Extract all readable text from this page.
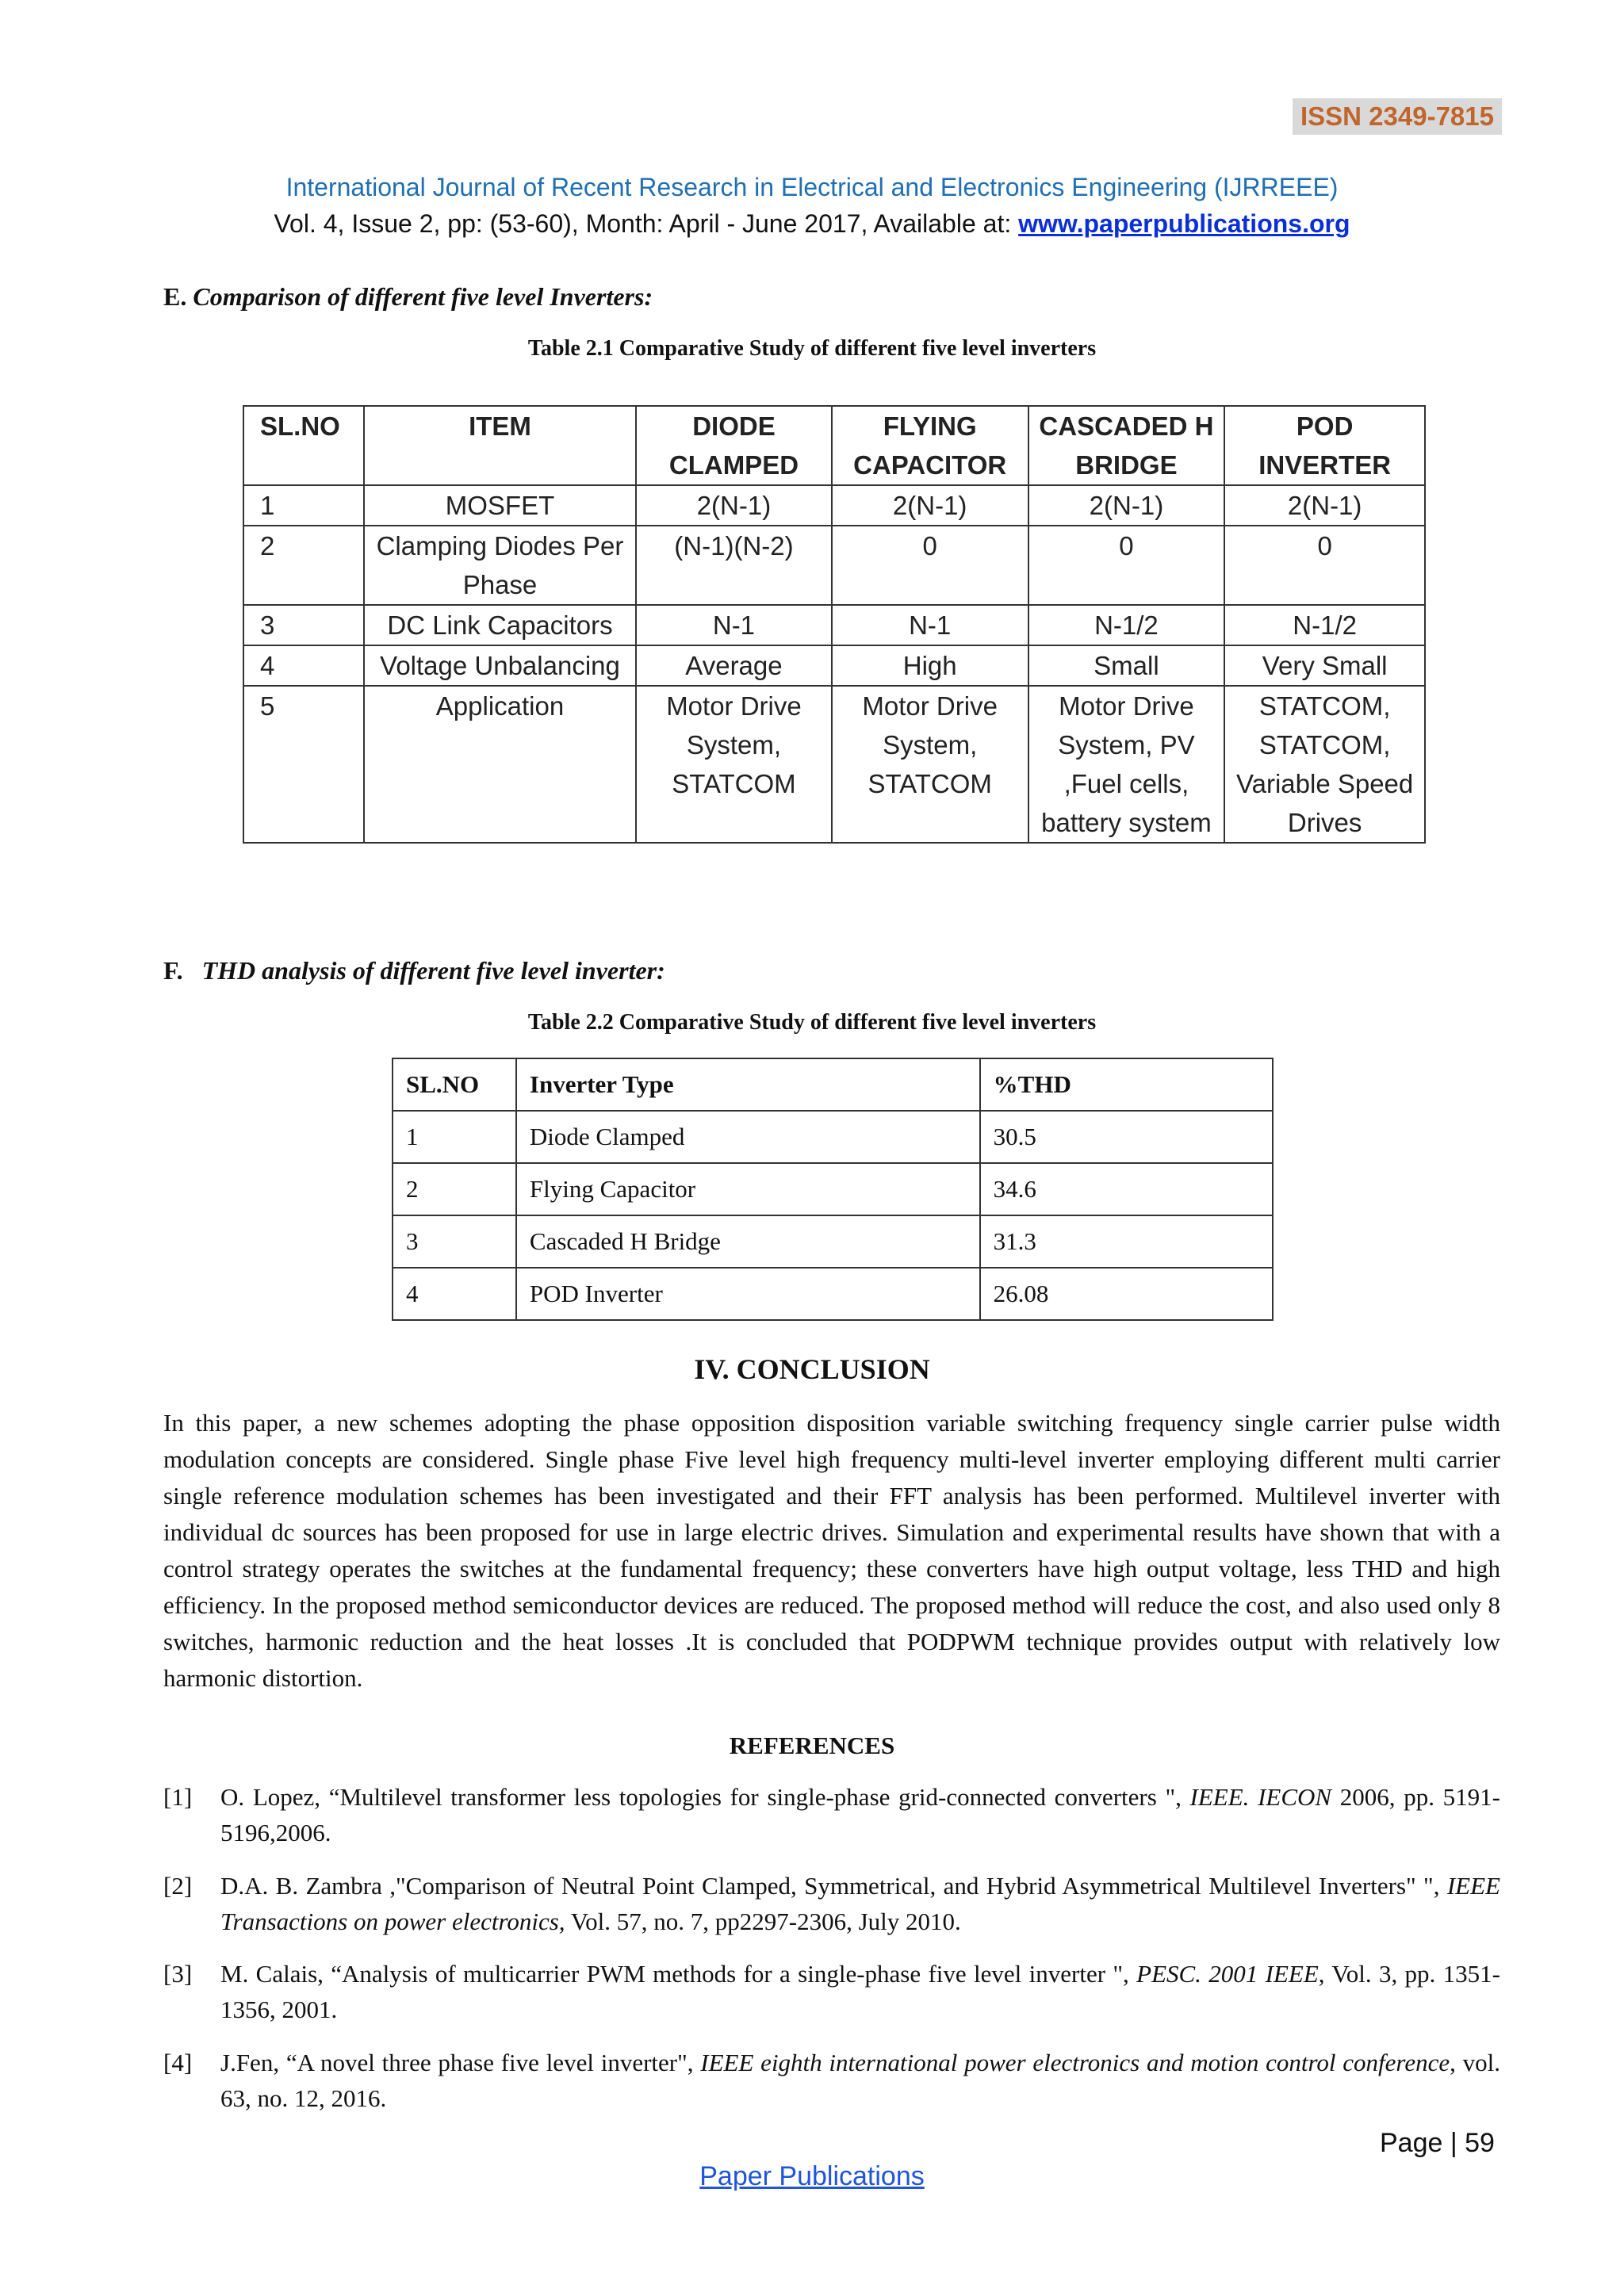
ISSN 2349-7815
International Journal of Recent Research in Electrical and Electronics Engineering (IJRREEE)
Vol. 4, Issue 2, pp: (53-60), Month: April - June 2017, Available at: www.paperpublications.org
E. Comparison of different five level Inverters:
Table 2.1 Comparative Study of different five level inverters
SL.NO	ITEM	DIODE CLAMPED	FLYING CAPACITOR	CASCADED H BRIDGE	POD INVERTER
1	MOSFET	2(N-1)	2(N-1)	2(N-1)	2(N-1)
2	Clamping Diodes Per Phase	(N-1)(N-2)	0	0	0
3	DC Link Capacitors	N-1	N-1	N-1/2	N-1/2
4	Voltage Unbalancing	Average	High	Small	Very Small
5	Application	Motor Drive System, STATCOM	Motor Drive System, STATCOM	Motor Drive System, PV ,Fuel cells, battery system	STATCOM, STATCOM, Variable Speed Drives
F. THD analysis of different five level inverter:
Table 2.2 Comparative Study of different five level inverters
SL.NO	Inverter Type	%THD
1	Diode Clamped	30.5
2	Flying Capacitor	34.6
3	Cascaded H Bridge	31.3
4	POD Inverter	26.08
IV. CONCLUSION
In this paper, a new schemes adopting the phase opposition disposition variable switching frequency single carrier pulse width modulation concepts are considered. Single phase Five level high frequency multi-level inverter employing different multi carrier single reference modulation schemes has been investigated and their FFT analysis has been performed. Multilevel inverter with individual dc sources has been proposed for use in large electric drives. Simulation and experimental results have shown that with a control strategy operates the switches at the fundamental frequency; these converters have high output voltage, less THD and high efficiency. In the proposed method semiconductor devices are reduced. The proposed method will reduce the cost, and also used only 8 switches, harmonic reduction and the heat losses .It is concluded that PODPWM technique provides output with relatively low harmonic distortion.
REFERENCES
[1] O. Lopez, “Multilevel transformer less topologies for single-phase grid-connected converters ", IEEE. IECON 2006, pp. 5191-5196,2006.
[2] D.A. B. Zambra ,"Comparison of Neutral Point Clamped, Symmetrical, and Hybrid Asymmetrical Multilevel Inverters" ", IEEE Transactions on power electronics, Vol. 57, no. 7, pp2297-2306, July 2010.
[3] M. Calais, “Analysis of multicarrier PWM methods for a single-phase five level inverter ", PESC. 2001 IEEE, Vol. 3, pp. 1351- 1356, 2001.
[4] J.Fen, “A novel three phase five level inverter", IEEE eighth international power electronics and motion control conference, vol. 63, no. 12, 2016.
Page | 59
Paper Publications
